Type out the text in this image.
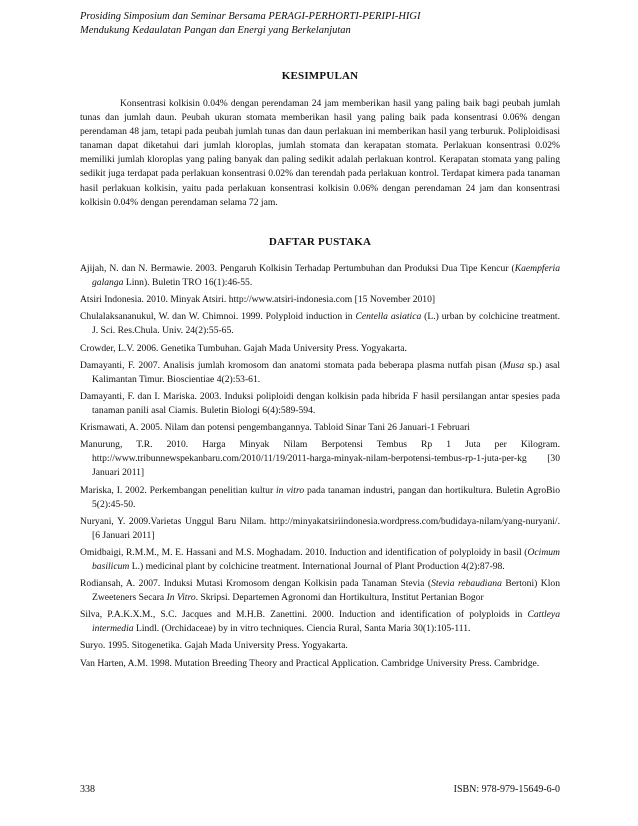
Prosiding Simposium dan Seminar Bersama PERAGI-PERHORTI-PERIPI-HIGI
Mendukung Kedaulatan Pangan dan Energi yang Berkelanjutan
KESIMPULAN

Konsentrasi kolkisin 0.04% dengan perendaman 24 jam memberikan hasil yang paling baik bagi peubah jumlah tunas dan jumlah daun. Peubah ukuran stomata memberikan hasil yang paling baik pada konsentrasi 0.06% dengan perendaman 48 jam, tetapi pada peubah jumlah tunas dan daun perlakuan ini memberikan hasil yang terburuk. Poliploidisasi tanaman dapat diketahui dari jumlah kloroplas, jumlah stomata dan kerapatan stomata. Perlakuan konsentrasi 0.02% memiliki jumlah kloroplas yang paling banyak dan paling sedikit adalah perlakuan kontrol. Kerapatan stomata yang paling sedikit juga terdapat pada perlakuan konsentrasi 0.02% dan terendah pada perlakuan kontrol. Terdapat kimera pada tanaman hasil perlakuan kolkisin, yaitu pada perlakuan konsentrasi kolkisin 0.06% dengan perendaman 24 jam dan konsentrasi kolkisin 0.04% dengan perendaman selama 72 jam.

DAFTAR PUSTAKA

Ajijah, N. dan N. Bermawie. 2003. Pengaruh Kolkisin Terhadap Pertumbuhan dan Produksi Dua Tipe Kencur (Kaempferia galanga Linn). Buletin TRO 16(1):46-55.

Atsiri Indonesia. 2010. Minyak Atsiri. http://www.atsiri-indonesia.com [15 November 2010]

Chulalaksananukul, W. dan W. Chimnoi. 1999. Polyploid induction in Centella asiatica (L.) urban by colchicine treatment. J. Sci. Res.Chula. Univ. 24(2):55-65.

Crowder, L.V. 2006. Genetika Tumbuhan. Gajah Mada University Press. Yogyakarta.

Damayanti, F. 2007. Analisis jumlah kromosom dan anatomi stomata pada beberapa plasma nutfah pisan (Musa sp.) asal Kalimantan Timur. Bioscientiae 4(2):53-61.

Damayanti, F. dan I. Mariska. 2003. Induksi poliploidi dengan kolkisin pada hibrida F hasil persilangan antar spesies pada tanaman panili asal Ciamis. Buletin Biologi 6(4):589-594.

Krismawati, A. 2005. Nilam dan potensi pengembangannya. Tabloid Sinar Tani 26 Januari-1 Februari

Manurung, T.R. 2010. Harga Minyak Nilam Berpotensi Tembus Rp 1 Juta per Kilogram. http://www.tribunnewspekanbaru.com/2010/11/19/2011-harga-minyak-nilam-berpotensi-tembus-rp-1-juta-per-kg [30 Januari 2011]

Mariska, I. 2002. Perkembangan penelitian kultur in vitro pada tanaman industri, pangan dan hortikultura. Buletin AgroBio 5(2):45-50.

Nuryani, Y. 2009.Varietas Unggul Baru Nilam. http://minyakatsiriindonesia.wordpress.com/budidaya-nilam/yang-nuryani/. [6 Januari 2011]

Omidbaigi, R.M.M., M. E. Hassani and M.S. Moghadam. 2010. Induction and identification of polyploidy in basil (Ocimum basilicum L.) medicinal plant by colchicine treatment. International Journal of Plant Production 4(2):87-98.

Rodiansah, A. 2007. Induksi Mutasi Kromosom dengan Kolkisin pada Tanaman Stevia (Stevia rebaudiana Bertoni) Klon Zweeteners Secara In Vitro. Skripsi. Departemen Agronomi dan Hortikultura, Institut Pertanian Bogor

Silva, P.A.K.X.M., S.C. Jacques and M.H.B. Zanettini. 2000. Induction and identification of polyploids in Cattleya intermedia Lindl. (Orchidaceae) by in vitro techniques. Ciencia Rural, Santa Maria 30(1):105-111.

Suryo. 1995. Sitogenetika. Gajah Mada University Press. Yogyakarta.

Van Harten, A.M. 1998. Mutation Breeding Theory and Practical Application. Cambridge University Press. Cambridge.

338	ISBN: 978-979-15649-6-0
